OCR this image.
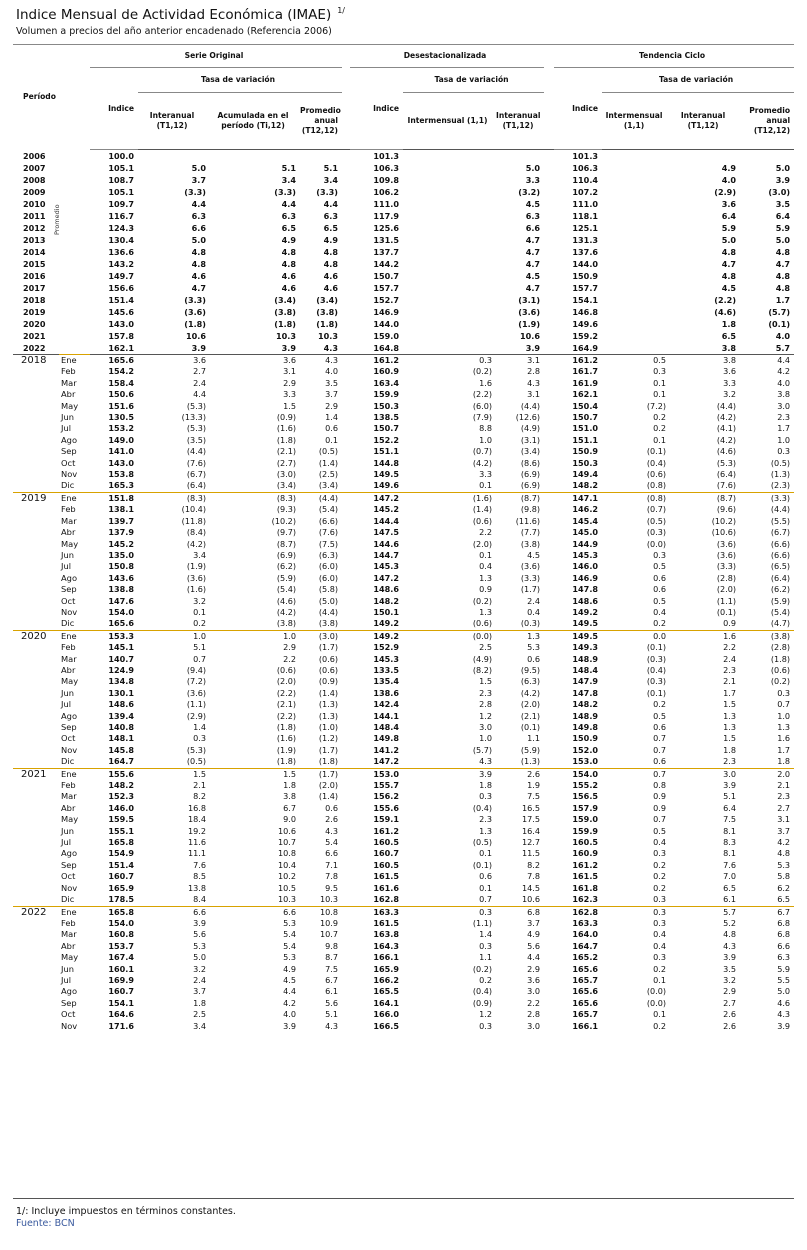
Indice Mensual de Actividad Económica (IMAE) $^{1/}$
Volumen a precios del año anterior encadenado (Referencia 2006)
Período		Serie Original					Desestacionalizada				Tendencia Ciclo			
		Indice	Tasa de variación				Indice	Tasa de variación			Indice	Tasa de variación		
			Interanual (T1,12)	Acumulada en el período (Ti,12)	Promedio anual (T12,12)			Intermensual (1,1)	Interanual (T1,12)			Intermensual (1,1)	Interanual (T1,12)	Promedio anual (T12,12)
2006		100.0					101.3				101.3			
2007		105.1	5.0	5.1	5.1		106.3		5.0		106.3		4.9	5.0
2008		108.7	3.7	3.4	3.4		109.8		3.3		110.4		4.0	3.9
2009		105.1	(3.3)	(3.3)	(3.3)		106.2		(3.2)		107.2		(2.9)	(3.0)
2010		109.7	4.4	4.4	4.4		111.0		4.5		111.0		3.6	3.5
2011		116.7	6.3	6.3	6.3		117.9		6.3		118.1		6.4	6.4
2012		124.3	6.6	6.5	6.5		125.6		6.6		125.1		5.9	5.9
2013		130.4	5.0	4.9	4.9		131.5		4.7		131.3		5.0	5.0
2014		136.6	4.8	4.8	4.8		137.7		4.7		137.6		4.8	4.8
2015		143.2	4.8	4.8	4.8		144.2		4.7		144.0		4.7	4.7
2016		149.7	4.6	4.6	4.6		150.7		4.5		150.9		4.8	4.8
2017		156.6	4.7	4.6	4.6		157.7		4.7		157.7		4.5	4.8
2018		151.4	(3.3)	(3.4)	(3.4)		152.7		(3.1)		154.1		(2.2)	1.7
2019		145.6	(3.6)	(3.8)	(3.8)		146.9		(3.6)		146.8		(4.6)	(5.7)
2020		143.0	(1.8)	(1.8)	(1.8)		144.0		(1.9)		149.6		1.8	(0.1)
2021		157.8	10.6	10.3	10.3		159.0		10.6		159.2		6.5	4.0
2022		162.1	3.9	3.9	4.3		164.8		3.9		164.9		3.8	5.7
2018	Ene	165.6	3.6	3.6	4.3		161.2	0.3	3.1		161.2	0.5	3.8	4.4
	Feb	154.2	2.7	3.1	4.0		160.9	(0.2)	2.8		161.7	0.3	3.6	4.2
	Mar	158.4	2.4	2.9	3.5		163.4	1.6	4.3		161.9	0.1	3.3	4.0
	Abr	150.6	4.4	3.3	3.7		159.9	(2.2)	3.1		162.1	0.1	3.2	3.8
	May	151.6	(5.3)	1.5	2.9		150.3	(6.0)	(4.4)		150.4	(7.2)	(4.4)	3.0
	Jun	130.5	(13.3)	(0.9)	1.4		138.5	(7.9)	(12.6)		150.7	0.2	(4.2)	2.3
	Jul	153.2	(5.3)	(1.6)	0.6		150.7	8.8	(4.9)		151.0	0.2	(4.1)	1.7
	Ago	149.0	(3.5)	(1.8)	0.1		152.2	1.0	(3.1)		151.1	0.1	(4.2)	1.0
	Sep	141.0	(4.4)	(2.1)	(0.5)		151.1	(0.7)	(3.4)		150.9	(0.1)	(4.6)	0.3
	Oct	143.0	(7.6)	(2.7)	(1.4)		144.8	(4.2)	(8.6)		150.3	(0.4)	(5.3)	(0.5)
	Nov	153.8	(6.7)	(3.0)	(2.5)		149.5	3.3	(6.9)		149.4	(0.6)	(6.4)	(1.3)
	Dic	165.3	(6.4)	(3.4)	(3.4)		149.6	0.1	(6.9)		148.2	(0.8)	(7.6)	(2.3)
2019	Ene	151.8	(8.3)	(8.3)	(4.4)		147.2	(1.6)	(8.7)		147.1	(0.8)	(8.7)	(3.3)
	Feb	138.1	(10.4)	(9.3)	(5.4)		145.2	(1.4)	(9.8)		146.2	(0.7)	(9.6)	(4.4)
	Mar	139.7	(11.8)	(10.2)	(6.6)		144.4	(0.6)	(11.6)		145.4	(0.5)	(10.2)	(5.5)
	Abr	137.9	(8.4)	(9.7)	(7.6)		147.5	2.2	(7.7)		145.0	(0.3)	(10.6)	(6.7)
	May	145.2	(4.2)	(8.7)	(7.5)		144.6	(2.0)	(3.8)		144.9	(0.0)	(3.6)	(6.6)
	Jun	135.0	3.4	(6.9)	(6.3)		144.7	0.1	4.5		145.3	0.3	(3.6)	(6.6)
	Jul	150.8	(1.9)	(6.2)	(6.0)		145.3	0.4	(3.6)		146.0	0.5	(3.3)	(6.5)
	Ago	143.6	(3.6)	(5.9)	(6.0)		147.2	1.3	(3.3)		146.9	0.6	(2.8)	(6.4)
	Sep	138.8	(1.6)	(5.4)	(5.8)		148.6	0.9	(1.7)		147.8	0.6	(2.0)	(6.2)
	Oct	147.6	3.2	(4.6)	(5.0)		148.2	(0.2)	2.4		148.6	0.5	(1.1)	(5.9)
	Nov	154.0	0.1	(4.2)	(4.4)		150.1	1.3	0.4		149.2	0.4	(0.1)	(5.4)
	Dic	165.6	0.2	(3.8)	(3.8)		149.2	(0.6)	(0.3)		149.5	0.2	0.9	(4.7)
2020	Ene	153.3	1.0	1.0	(3.0)		149.2	(0.0)	1.3		149.5	0.0	1.6	(3.8)
	Feb	145.1	5.1	2.9	(1.7)		152.9	2.5	5.3		149.3	(0.1)	2.2	(2.8)
	Mar	140.7	0.7	2.2	(0.6)		145.3	(4.9)	0.6		148.9	(0.3)	2.4	(1.8)
	Abr	124.9	(9.4)	(0.6)	(0.6)		133.5	(8.2)	(9.5)		148.4	(0.4)	2.3	(0.6)
	May	134.8	(7.2)	(2.0)	(0.9)		135.4	1.5	(6.3)		147.9	(0.3)	2.1	(0.2)
	Jun	130.1	(3.6)	(2.2)	(1.4)		138.6	2.3	(4.2)		147.8	(0.1)	1.7	0.3
	Jul	148.6	(1.1)	(2.1)	(1.3)		142.4	2.8	(2.0)		148.2	0.2	1.5	0.7
	Ago	139.4	(2.9)	(2.2)	(1.3)		144.1	1.2	(2.1)		148.9	0.5	1.3	1.0
	Sep	140.8	1.4	(1.8)	(1.0)		148.4	3.0	(0.1)		149.8	0.6	1.3	1.3
	Oct	148.1	0.3	(1.6)	(1.2)		149.8	1.0	1.1		150.9	0.7	1.5	1.6
	Nov	145.8	(5.3)	(1.9)	(1.7)		141.2	(5.7)	(5.9)		152.0	0.7	1.8	1.7
	Dic	164.7	(0.5)	(1.8)	(1.8)		147.2	4.3	(1.3)		153.0	0.6	2.3	1.8
2021	Ene	155.6	1.5	1.5	(1.7)		153.0	3.9	2.6		154.0	0.7	3.0	2.0
	Feb	148.2	2.1	1.8	(2.0)		155.7	1.8	1.9		155.2	0.8	3.9	2.1
	Mar	152.3	8.2	3.8	(1.4)		156.2	0.3	7.5		156.5	0.9	5.1	2.3
	Abr	146.0	16.8	6.7	0.6		155.6	(0.4)	16.5		157.9	0.9	6.4	2.7
	May	159.5	18.4	9.0	2.6		159.1	2.3	17.5		159.0	0.7	7.5	3.1
	Jun	155.1	19.2	10.6	4.3		161.2	1.3	16.4		159.9	0.5	8.1	3.7
	Jul	165.8	11.6	10.7	5.4		160.5	(0.5)	12.7		160.5	0.4	8.3	4.2
	Ago	154.9	11.1	10.8	6.6		160.7	0.1	11.5		160.9	0.3	8.1	4.8
	Sep	151.4	7.6	10.4	7.1		160.5	(0.1)	8.2		161.2	0.2	7.6	5.3
	Oct	160.7	8.5	10.2	7.8		161.5	0.6	7.8		161.5	0.2	7.0	5.8
	Nov	165.9	13.8	10.5	9.5		161.6	0.1	14.5		161.8	0.2	6.5	6.2
	Dic	178.5	8.4	10.3	10.3		162.8	0.7	10.6		162.3	0.3	6.1	6.5
2022	Ene	165.8	6.6	6.6	10.8		163.3	0.3	6.8		162.8	0.3	5.7	6.7
	Feb	154.0	3.9	5.3	10.9		161.5	(1.1)	3.7		163.3	0.3	5.2	6.8
	Mar	160.8	5.6	5.4	10.7		163.8	1.4	4.9		164.0	0.4	4.8	6.8
	Abr	153.7	5.3	5.4	9.8		164.3	0.3	5.6		164.7	0.4	4.3	6.6
	May	167.4	5.0	5.3	8.7		166.1	1.1	4.4		165.2	0.3	3.9	6.3
	Jun	160.1	3.2	4.9	7.5		165.9	(0.2)	2.9		165.6	0.2	3.5	5.9
	Jul	169.9	2.4	4.5	6.7		166.2	0.2	3.6		165.7	0.1	3.2	5.5
	Ago	160.7	3.7	4.4	6.1		165.5	(0.4)	3.0		165.6	(0.0)	2.9	5.0
	Sep	154.1	1.8	4.2	5.6		164.1	(0.9)	2.2		165.6	(0.0)	2.7	4.6
	Oct	164.6	2.5	4.0	5.1		166.0	1.2	2.8		165.7	0.1	2.6	4.3
	Nov	171.6	3.4	3.9	4.3		166.5	0.3	3.0		166.1	0.2	2.6	3.9
Promedio
1/: Incluye impuestos en términos constantes.
Fuente: BCN
